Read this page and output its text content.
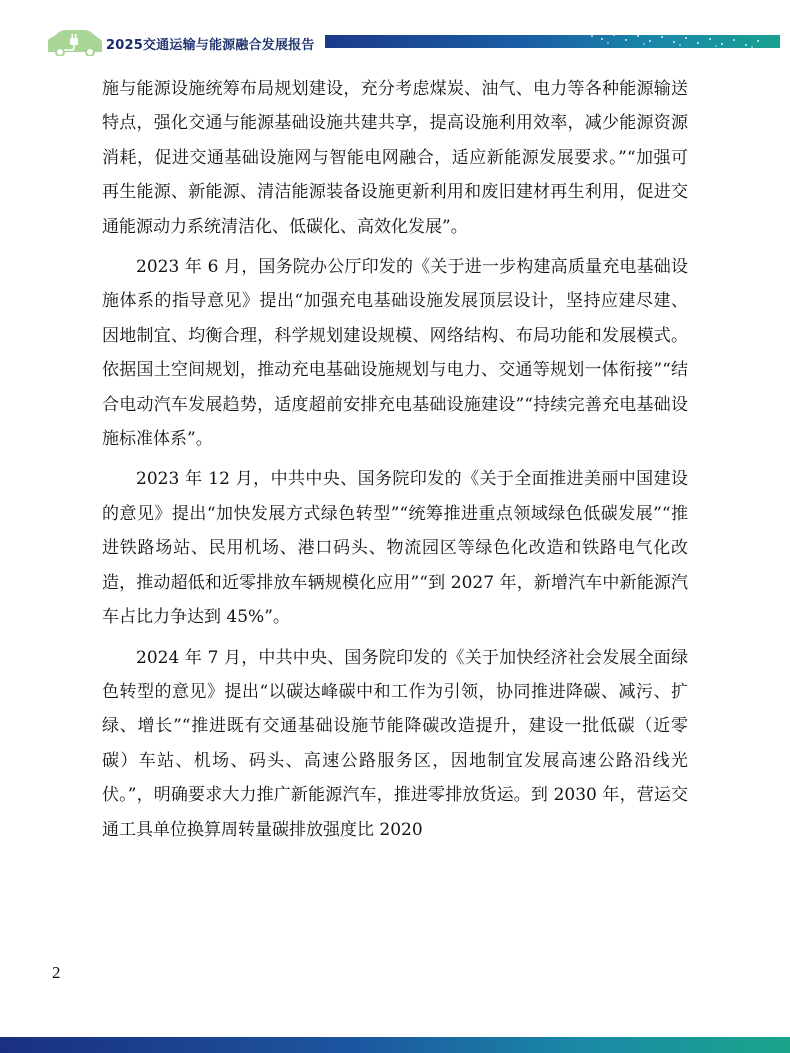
2025交通运输与能源融合发展报告

施与能源设施统筹布局规划建设，充分考虑煤炭、油气、电力等各种能源输送特点，强化交通与能源基础设施共建共享，提高设施利用效率，减少能源资源消耗，促进交通基础设施网与智能电网融合，适应新能源发展要求。”“加强可再生能源、新能源、清洁能源装备设施更新利用和废旧建材再生利用，促进交通能源动力系统清洁化、低碳化、高效化发展”。

2023 年 6 月，国务院办公厅印发的《关于进一步构建高质量充电基础设施体系的指导意见》提出“加强充电基础设施发展顶层设计，坚持应建尽建、因地制宜、均衡合理，科学规划建设规模、网络结构、布局功能和发展模式。依据国土空间规划，推动充电基础设施规划与电力、交通等规划一体衔接”“结合电动汽车发展趋势，适度超前安排充电基础设施建设”“持续完善充电基础设施标准体系”。

2023 年 12 月，中共中央、国务院印发的《关于全面推进美丽中国建设的意见》提出“加快发展方式绿色转型”“统筹推进重点领域绿色低碳发展”“推进铁路场站、民用机场、港口码头、物流园区等绿色化改造和铁路电气化改造，推动超低和近零排放车辆规模化应用”“到 2027 年，新增汽车中新能源汽车占比力争达到 45%”。

2024 年 7 月，中共中央、国务院印发的《关于加快经济社会发展全面绿色转型的意见》提出“以碳达峰碳中和工作为引领，协同推进降碳、减污、扩绿、增长”“推进既有交通基础设施节能降碳改造提升，建设一批低碳（近零碳）车站、机场、码头、高速公路服务区，因地制宜发展高速公路沿线光伏。”，明确要求大力推广新能源汽车，推进零排放货运。到 2030 年，营运交通工具单位换算周转量碳排放强度比 2020

2
